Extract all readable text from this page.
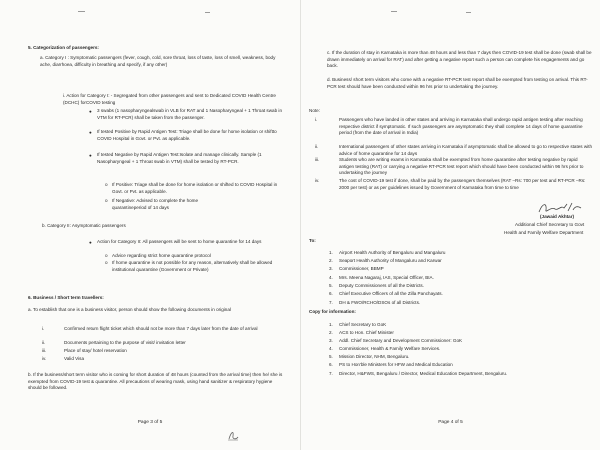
5. Categorization of passengers:
a. Category I : Symptomatic passengers (fever, cough, cold, sore throat, loss of taste, loss of smell, weakness, body ache, diarrhoea, difficulty in breathing and specify, if any other)
i. Action for Category I: - Segregated from other passengers and sent to Dedicated COVID Health Centre (DCHC) forCOVID testing
● 3 swabs (1 nasopharyngealswab in VLB for RAT and 1 Nasopharyngeal + 1 Throat swab in VTM for RT-PCR) shall be taken from the passenger.
● If tested Positive by Rapid Antigen Test: Triage shall be done for home isolation or shiftto COVID Hospital in Govt. or Pvt. as applicable.
● If tested Negative by Rapid Antigen Test:Isolate and manage clinically. Sample (1 Nasopharyngeal + 1 Throat swab in VTM) shall be tested by RT-PCR.
o If Positive: Triage shall be done for home isolation or shifted to COVID Hospital in Govt. or Pvt. as applicable.
o If Negative: Advised to complete the home
quarantineperiod of 14 days
b. Category II: Asymptomatic passengers
● Action for Category II: All passengers will be sent to home quarantine for 14 days
o Advice regarding strict home quarantine protocol
o If home quarantine is not possible for any reason, alternatively shall be allowed institutional quarantine (Government or Private)
6. Business / Short term travellers:
a. To establish that one is a business visitor, person should show the following documents in original
i.	Confirmed return flight ticket which should not be more than 7 days later from the date of arrival
ii.	Documents pertaining to the purpose of visit/ invitation letter
iii.	Place of stay/ hotel reservation
iv.	Valid Visa
b. If the business/short term visitor who is coming for short duration of 48 hours (counted from the arrival time) then he/ she is exempted from COVID-19 test & quarantine. All precautions of wearing mask, using hand sanitizer & respiratory hygiene should be followed.
Page 3 of 5
c. If the duration of stay in Karnataka is more than 48 hours and less than 7 days then COVID-19 test shall be done (swab shall be drawn immediately on arrival for RAT) and after getting a negative report such a person can complete his engagements and go back.
d. Business/ short term visitors who come with a negative RT-PCR test report shall be exempted from testing on arrival. This RT-PCR test should have been conducted within 96 hrs prior to undertaking the journey.
Note:
i.	Passengers who have landed in other states and arriving in Karnataka shall undergo rapid antigen testing after reaching respective district if symptomatic. If such passengers are asymptomatic they shall complete 14 days of home quarantine period (from the date of arrival in India)
ii.	International passengers of other states arriving in Karnataka if asymptomatic shall be allowed to go to respective states with advice of home quarantine for 14 days
iii.	Students who are writing exams in Karnataka shall be exempted from home quarantine after testing negative by rapid antigen testing (RAT) or carrying a negative RT-PCR test report which should have been conducted within 96 hrs prior to undertaking the journey
iv.	The cost of COVID-19 test if done, shall be paid by the passengers themselves (RAT –Rs: 700 per test and RT-PCR –Rs: 2000 per test) or as per guidelines issued by Government of Karnataka from time to time
(Jawaid Akhtar)
Additional Chief Secretary to Govt
Health and Family Welfare Department
To:
1. Airport Health Authority of Bengaluru and Mangaluru
2. Seaport Health Authority of Mangaluru and Karwar
3. Commissioner, BBMP
4. Mrs. Meena Nagaraj, IAS, Special Officer, BIA.
5. Deputy Commissioners of all the Districts.
6. Chief Executive Officers of all the Zilla Panchayats.
7. DH & FWO/RCHO/DSOs of all Districts.
Copy for information:
1. Chief Secretary to GoK
2. ACS to Hon. Chief Minister
3. Addl. Chief Secretary and Development Commissioner: GoK
4. Commissioner, Health & Family Welfare Services.
5. Mission Director, NHM, Bengaluru.
6. PS to Hon'ble Ministers for HFW and Medical Education
7. Director, H&FWS, Bengaluru / Director, Medical Education Department, Bengaluru.
Page 4 of 5
